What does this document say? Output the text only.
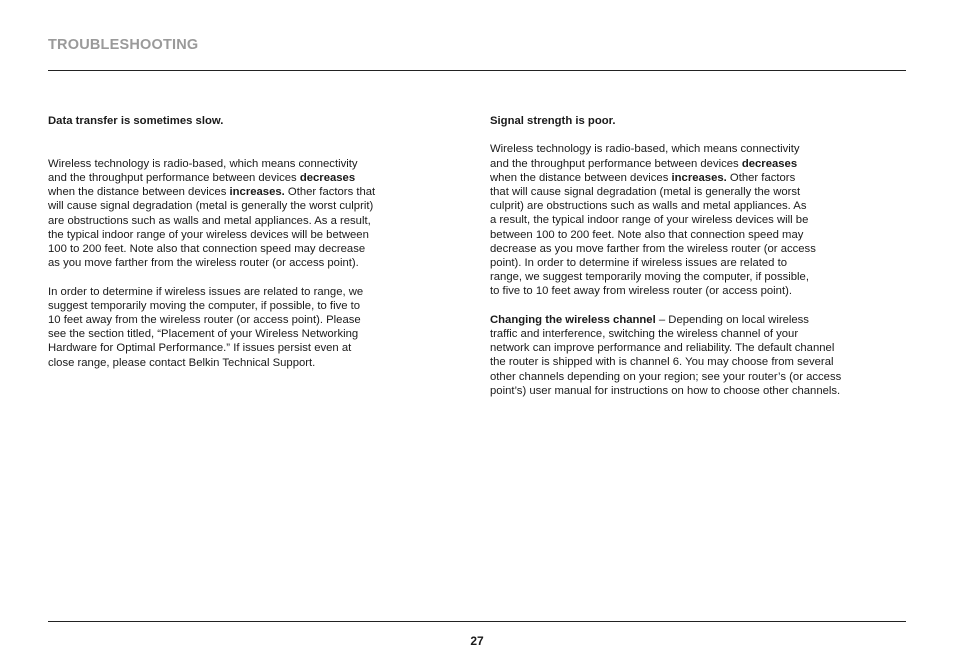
TROUBLESHOOTING
Data transfer is sometimes slow.
Wireless technology is radio-based, which means connectivity
and the throughput performance between devices decreases
when the distance between devices increases. Other factors that
will cause signal degradation (metal is generally the worst culprit)
are obstructions such as walls and metal appliances. As a result,
the typical indoor range of your wireless devices will be between
100 to 200 feet. Note also that connection speed may decrease
as you move farther from the wireless router (or access point).
In order to determine if wireless issues are related to range, we
suggest temporarily moving the computer, if possible, to five to
10 feet away from the wireless router (or access point). Please
see the section titled, “Placement of your Wireless Networking
Hardware for Optimal Performance.” If issues persist even at
close range, please contact Belkin Technical Support.
Signal strength is poor.
Wireless technology is radio-based, which means connectivity
and the throughput performance between devices decreases
when the distance between devices increases. Other factors
that will cause signal degradation (metal is generally the worst
culprit) are obstructions such as walls and metal appliances. As
a result, the typical indoor range of your wireless devices will be
between 100 to 200 feet. Note also that connection speed may
decrease as you move farther from the wireless router (or access
point). In order to determine if wireless issues are related to
range, we suggest temporarily moving the computer, if possible,
to five to 10 feet away from wireless router (or access point).
Changing the wireless channel – Depending on local wireless
traffic and interference, switching the wireless channel of your
network can improve performance and reliability. The default channel
the router is shipped with is channel 6. You may choose from several
other channels depending on your region; see your router’s (or access
point’s) user manual for instructions on how to choose other channels.
27
